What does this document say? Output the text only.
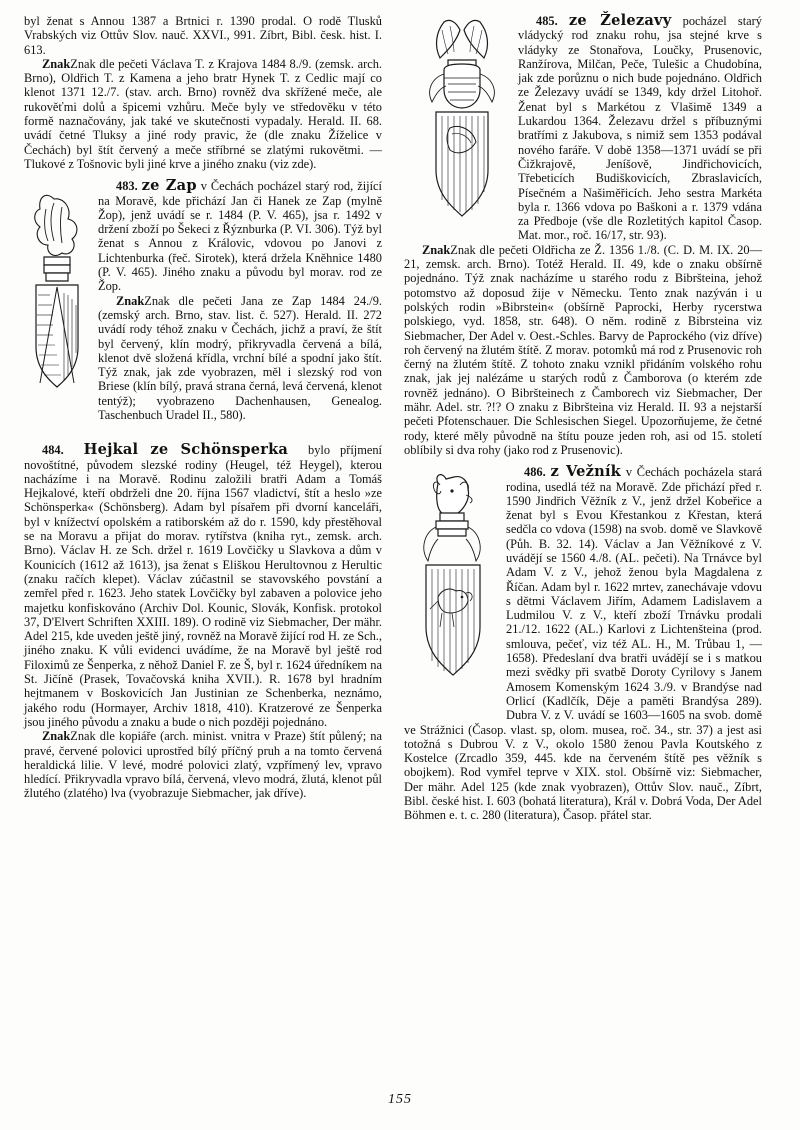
byl ženat s Annou 1387 a Brtnici r. 1390 prodal. O rodě Tlusků Vrabských viz Ottův Slov. nauč. XXVI., 991. Zíbrt, Bibl. česk. hist. I. 613.

ZnakZnak dle pečeti Václava T. z Krajova 1484 8./9. (zemsk. arch. Brno), Oldřich T. z Kamena a jeho bratr Hynek T. z Cedlic mají co klenot 1371 12./7. (stav. arch. Brno) rovněž dva skřížené meče, ale rukověťmi dolů a špicemi vzhůru. Meče byly ve středověku v této formě naznačovány, jak také ve skutečnosti vypadaly. Herald. II. 68. uvádí četné Tluksy a jiné rody pravic, že (dle znaku Žíželice v Čechách) byl štít červený a meče stříbrné se zlatými rukovětmi. — Tlukové z Tošnovic byli jiné krve a jiného znaku (viz zde).

483. ze Zap v Čechách pocházel starý rod, žijící na Moravě, kde přichází Jan či Hanek ze Zap (mylně Žop), jenž uvádí se r. 1484 (P. V. 465), jsa r. 1492 v držení zboží po Šekeci z Řýznburka (P. VI. 306). Týž byl ženat s Annou z Královic, vdovou po Janovi z Lichtenburka (řeč. Sirotek), která držela Kněhnice 1480 (P. V. 465). Jiného znaku a původu byl morav. rod ze Žop.

ZnakZnak dle pečeti Jana ze Zap 1484 24./9. (zemský arch. Brno, stav. list. č. 527). Herald. II. 272 uvádí rody téhož znaku v Čechách, jichž a praví, že štít byl červený, klín modrý, přikryvadla červená a bílá, klenot dvě složená křídla, vrchní bílé a spodní jako štít. Týž znak, jak zde vyobrazen, měl i slezský rod von Briese (klín bílý, pravá strana černá, levá červená, klenot tentýž); vyobrazeno Dachenhausen, Genealog. Taschenbuch Uradel II., 580).

484. Hejkal ze Schönsperka bylo příjmení novoštítné, původem slezské rodiny (Heugel, též Heygel), kterou nacházíme i na Moravě. Rodinu založili bratři Adam a Tomáš Hejkalové, kteří obdrželi dne 20. října 1567 vladictví, štít a heslo »ze Schönsperka« (Schönsberg). Adam byl písařem při dvorní kanceláři, byl v knížectví opolském a ratiborském až do r. 1590, kdy přestěhoval se na Moravu a přijat do morav. rytířstva (kniha ryt., zemsk. arch. Brno). Václav H. ze Sch. držel r. 1619 Lovčičky u Slavkova a dům v Kounicích (1612 až 1613), jsa ženat s Eliškou Herultovnou z Herultic (znaku račích klepet). Václav zúčastnil se stavovského povstání a zemřel před r. 1623. Jeho statek Lovčičky byl zabaven a polovice jeho majetku konfiskováno (Archiv Dol. Kounic, Slovák, Konfisk. protokol 37, D'Elvert Schriften XXIII. 189). O rodině viz Siebmacher, Der mähr. Adel 215, kde uveden ještě jiný, rovněž na Moravě žijící rod H. ze Sch., jiného znaku. K vůli evidenci uvádíme, že na Moravě byl ještě rod Filoximů ze Šenperka, z něhož Daniel F. ze Š, byl r. 1624 úředníkem na St. Jičíně (Prasek, Tovačovská kniha XVII.). R. 1678 byl hradním hejtmanem v Boskovicích Jan Justinian ze Schenberka, neznámo, jakého rodu (Hormayer, Archiv 1818, 410). Kratzerové ze Šenperka jsou jiného původu a znaku a bude o nich později pojednáno.

ZnakZnak dle kopiáře (arch. minist. vnitra v Praze) štít půlený; na pravé, červené polovici uprostřed bílý příčný pruh a na tomto červená heraldická lilie. V levé, modré polovici zlatý, vzpřímený lev, vpravo hledící. Přikryvadla vpravo bílá, červená, vlevo modrá, žlutá, klenot půl žlutého (zlatého) lva (vyobrazuje Siebmacher, jak dříve).

485. ze Železavy pocházel starý vládycký rod znaku rohu, jsa stejné krve s vládyky ze Stonařova, Loučky, Prusenovic, Ranžírova, Milčan, Peče, Tulešic a Chudobína, jak zde porůznu o nich bude pojednáno. Oldřich ze Železavy uvádí se 1349, kdy držel Litohoř. Ženat byl s Markétou z Vlašimě 1349 a Lukardou 1364. Železavu držel s příbuznými bratřími z Jakubova, s nimiž sem 1353 podával nového faráře. V době 1358—1371 uvádí se při Čižkrajově, Jeníšově, Jindřichovicích, Třebeticích Budiškovicích, Zbraslavicích, Písečném a Našiměřicích. Jeho sestra Markéta byla r. 1366 vdova po Baškoni a r. 1379 vdána za Předboje (vše dle Rozletitých kapitol Časop. Mat. mor., roč. 16/17, str. 93).

ZnakZnak dle pečeti Oldřicha ze Ž. 1356 1./8. (C. D. M. IX. 20—21, zemsk. arch. Brno). Totéž Herald. II. 49, kde o znaku obšírně pojednáno. Týž znak nacházíme u starého rodu z Bibršteina, jehož potomstvo až doposud žije v Německu. Tento znak nazýván i u polských rodin »Bibrstein« (obšírně Paprocki, Herby rycerstwa polskiego, vyd. 1858, str. 648). O něm. rodině z Bibrsteina viz Siebmacher, Der Adel v. Oest.-Schles. Barvy de Paprockého (viz dříve) roh červený na žlutém štítě. Z morav. potomků má rod z Prusenovic roh černý na žlutém štítě. Z tohoto znaku vznikl přidáním volského rohu znak, jak jej nalézáme u starých rodů z Čamborova (o kterém zde rovněž jednáno). O Bibršteinech z Čamborech viz Siebmacher, Der mähr. Adel. str. ?!? O znaku z Bibršteina viz Herald. II. 93 a nejstarší pečeti Pfotenschauer. Die Schlesischen Siegel. Upozorňujeme, že četné rody, které měly původně na štítu pouze jeden roh, asi od 15. století oblíbily si dva rohy (jako rod z Prusenovic).

486. z Vežník v Čechách pocházela stará rodina, usedlá též na Moravě. Zde přichází před r. 1590 Jindřich Věžník z V., jenž držel Kobeřice a ženat byl s Evou Křestankou z Křestan, která sedčla co vdova (1598) na svob. domě ve Slavkově (Půh. B. 32. 14). Václav a Jan Věžníkové z V. uvádějí se 1560 4./8. (AL. pečeti). Na Trnávce byl Adam V. z V., jehož ženou byla Magdalena z Říčan. Adam byl r. 1622 mrtev, zanechávaje vdovu s dětmi Václavem Jiřím, Adamem Ladislavem a Ludmilou V. z V., kteří zboží Trnávku prodali 21./12. 1622 (AL.) Karlovi z Lichtenšteina (prod. smlouva, pečeť, viz též AL. H., M. Trůbau 1, — 1658). Předeslaní dva bratři uvádějí se i s matkou mezi svědky při svatbě Doroty Cyrilovy s Janem Amosem Komenským 1624 3./9. v Brandýse nad Orlicí (Kadlčík, Děje a paměti Brandýsa 289). Dubra V. z V. uvádí se 1603—1605 na svob. domě ve Strážnici (Časop. vlast. sp, olom. musea, roč. 34., str. 37) a jest asi totožná s Dubrou V. z V., okolo 1580 ženou Pavla Koutského z Kostelce (Zrcadlo 359, 445. kde na červeném štítě pes věžník s obojkem). Rod vymřel teprve v XIX. stol. Obšírně viz: Siebmacher, Der mähr. Adel 125 (kde znak vyobrazen), Ottův Slov. nauč., Zíbrt, Bibl. české hist. I. 603 (bohatá literatura), Král v. Dobrá Voda, Der Adel Böhmen e. t. c. 280 (literatura), Časop. přátel star.

155
